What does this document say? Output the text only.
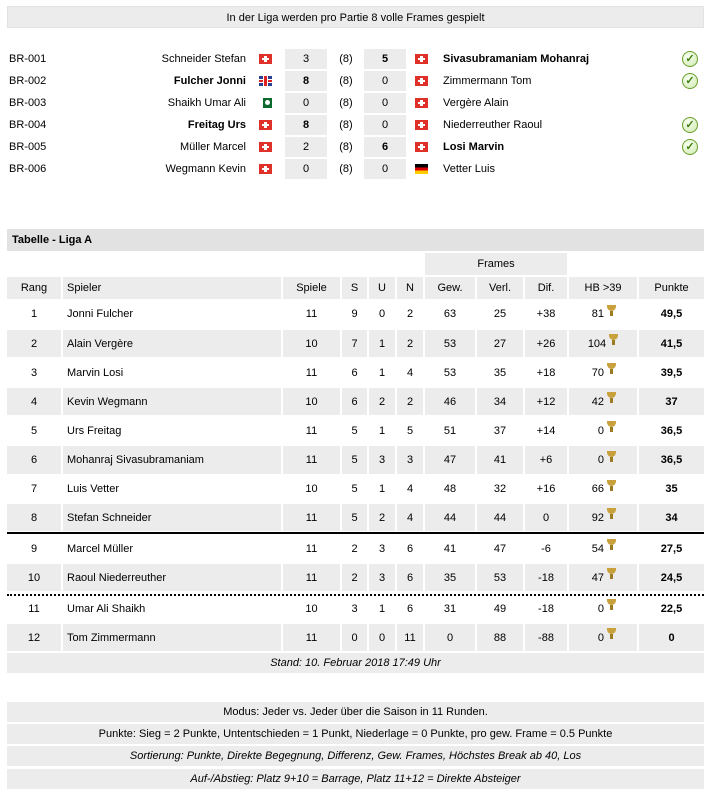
In der Liga werden pro Partie 8 volle Frames gespielt
BR-001	Schneider Stefan	3	(8)	5	Sivasubramaniam Mohanraj	✓
BR-002	Fulcher Jonni	8	(8)	0	Zimmermann Tom	✓
BR-003	Shaikh Umar Ali	0	(8)	0	Vergère Alain
BR-004	Freitag Urs	8	(8)	0	Niederreuther Raoul	✓
BR-005	Müller Marcel	2	(8)	6	Losi Marvin	✓
BR-006	Wegmann Kevin	0	(8)	0	Vetter Luis
Tabelle - Liga A
Frames
Rang	Spieler	Spiele	S	U	N	Gew.	Verl.	Dif.	HB >39	Punkte
1	Jonni Fulcher	11	9	0	2	63	25	+38	81	49,5
2	Alain Vergère	10	7	1	2	53	27	+26	104	41,5
3	Marvin Losi	11	6	1	4	53	35	+18	70	39,5
4	Kevin Wegmann	10	6	2	2	46	34	+12	42	37
5	Urs Freitag	11	5	1	5	51	37	+14	0	36,5
6	Mohanraj Sivasubramaniam	11	5	3	3	47	41	+6	0	36,5
7	Luis Vetter	10	5	1	4	48	32	+16	66	35
8	Stefan Schneider	11	5	2	4	44	44	0	92	34
9	Marcel Müller	11	2	3	6	41	47	-6	54	27,5
10	Raoul Niederreuther	11	2	3	6	35	53	-18	47	24,5
11	Umar Ali Shaikh	10	3	1	6	31	49	-18	0	22,5
12	Tom Zimmermann	11	0	0	11	0	88	-88	0	0
Stand: 10. Februar 2018 17:49 Uhr
Modus: Jeder vs. Jeder über die Saison in 11 Runden.
Punkte: Sieg = 2 Punkte, Untentschieden = 1 Punkt, Niederlage = 0 Punkte, pro gew. Frame = 0.5 Punkte
Sortierung: Punkte, Direkte Begegnung, Differenz, Gew. Frames, Höchstes Break ab 40, Los
Auf-/Abstieg: Platz 9+10 = Barrage, Platz 11+12 = Direkte Absteiger
